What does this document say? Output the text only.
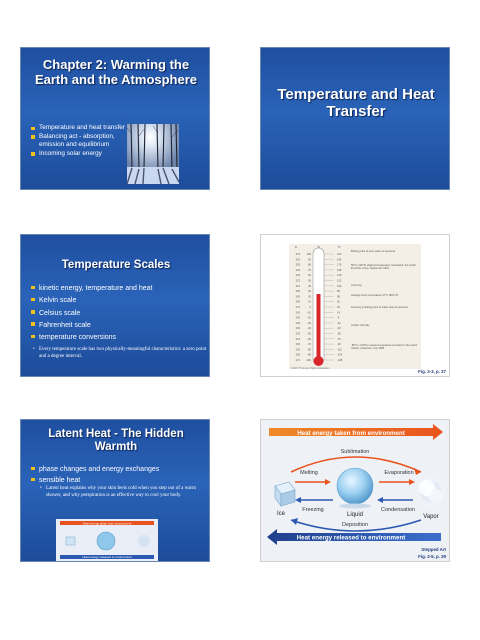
Chapter 2: Warming the Earth and the Atmosphere
Temperature and heat transfer
Balancing act - absorption, emission and equilibrium
Incoming solar energy
Temperature and Heat Transfer
Temperature Scales
kinetic energy, temperature and heat
Kelvin scale
Celsius scale
Fahrenheit scale
temperature conversions
• Every temperature scale has two physically-meaningful characteristics: a zero point and a degree interval.
K	°C	°F
373	100	212
363	90	194
353	80	176
343	70	158
333	60	140
323	50	122
313	40	104
303	30	86
293	20	68
283	10	50
273	0	32
263	-10	14
253	-20	-4
243	-30	-22
233	-40	-40
223	-50	-58
213	-60	-76
203	-70	-94
193	-80	-112
183	-90	-130
173 -100	-148
Boiling point of pure water at sea level
58°C (136°F) Highest temperature recorded in the world: El Azizia, Libya, September 1922
A hot day
Average body temperature 37°C (98.6°F)
Freezing (melting) point of water (ice) at sea level
A bitter cold day
-89°C (-129°F) Lowest temperature recorded in the world: Vostok, Antarctica, July 1983
©2007 Thomson Higher Education
Fig. 2-3, p. 27
Latent Heat - The Hidden Warmth
phase changes and energy exchanges
sensible heat
• Latent heat explains why your skin feels cold when you step out of a warm shower, and why perspiration is an effective way to cool your body.
Heat energy taken from environment
Heat energy released to environment
Heat energy taken from environment
Sublimation
Melting	Evaporation
Ice	Liquid	Vapor
Freezing	Condensation
Deposition
Heat energy released to environment
Stepped Art
Fig. 2-5, p. 29
